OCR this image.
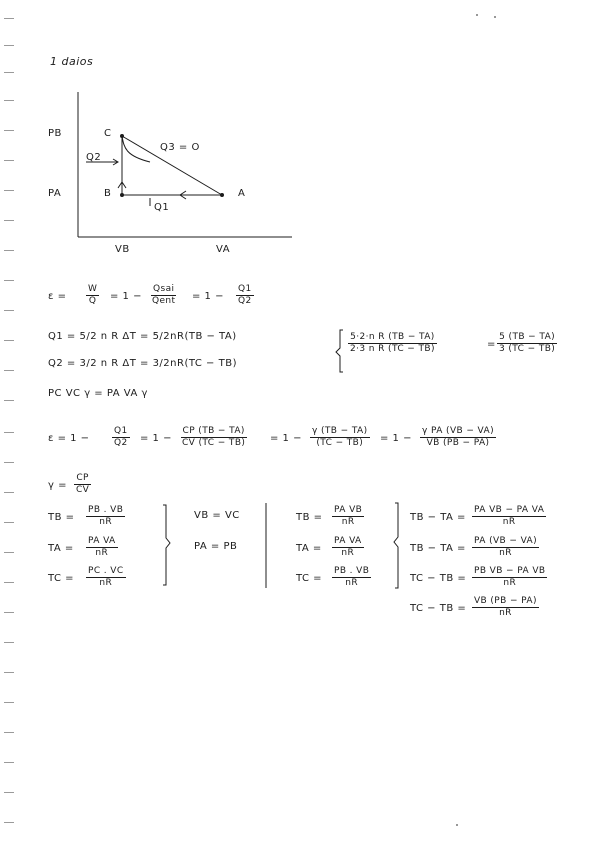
1 daios
PB
PA
VB	VA
C
B	A
Q2
Q3 = O
Q1
$\varepsilon = \frac{W}{Q} = 1$ −
Qsai
Qent = $1 - \frac{Q1}{Q2}$
Q1 = 5/2 n R ΔT = 5/2nR(TB − TA)
Q2 = 3/2 n R ΔT = 3/2nR(TC − TB)
$\frac{\text{5·2·n R (TB − TA)}}{\text{2·3 n R (TC − TB)}}$	= $\frac{5 (TB - TA)}{3 (TC - TB)}$
PC VC γ = PA VA γ
$\varepsilon = 1 - \frac{Q1}{Q2} = 1 - \frac{CP (TB - TA)}{CV (TC - TB)} = 1 - \frac{\gamma (TB - TA)}{(TC - TB)} = 1 - \frac{\text{γ PA (VB − VA)}}{VB (PB - PA)}$
$\gamma = \frac{CP}{CV}$
TB = $\frac{PB . VB}{nR}$
TA = $\frac{\text{PA VA}}{nR}$
TC = $\frac{PC . VC}{nR}$
VB = VC
PA = PB
TB = $\frac{\text{PA VB}}{nR}$
TA = $\frac{\text{PA VA}}{nR}$
TC = $\frac{PB . VB}{nR}$
TB − TA = $\frac{\text{PA VB − PA VA}}{nR}$
TB − TA = $\frac{PA (VB - VA)}{nR}$
TC − TB = $\frac{\text{PB VB − PA VB}}{nR}$
TC − TB = $\frac{VB (PB - PA)}{nR}$
